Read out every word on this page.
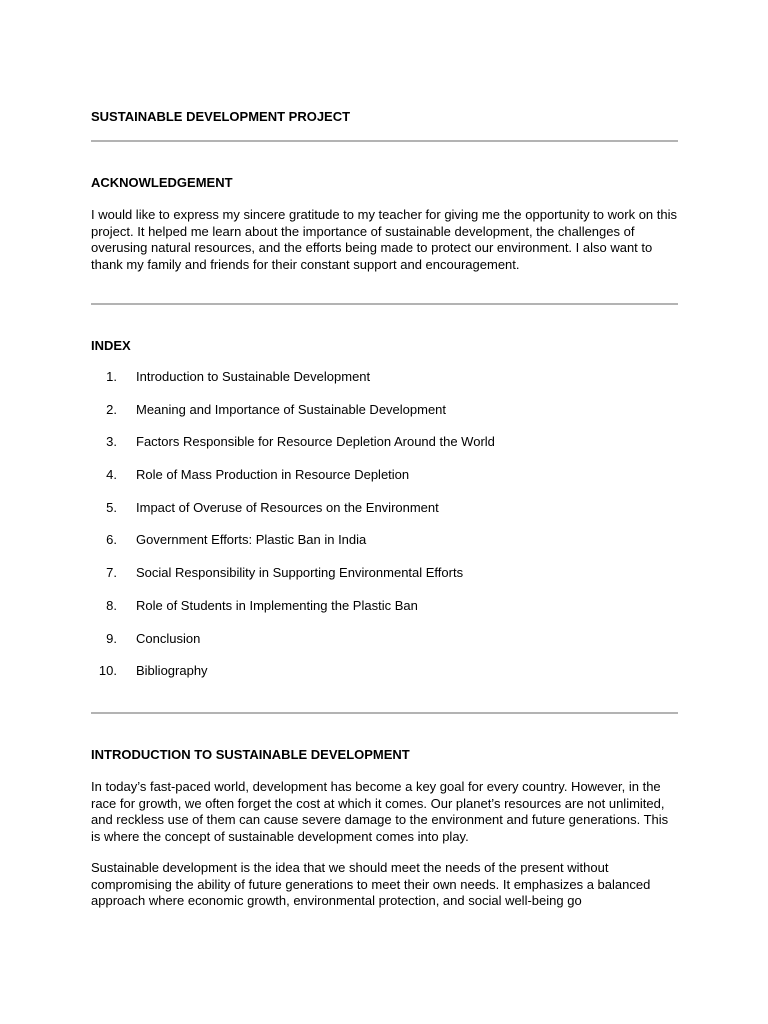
SUSTAINABLE DEVELOPMENT PROJECT
ACKNOWLEDGEMENT

I would like to express my sincere gratitude to my teacher for giving me the opportunity to work on this project. It helped me learn about the importance of sustainable development, the challenges of overusing natural resources, and the efforts being made to protect our environment. I also want to thank my family and friends for their constant support and encouragement.

INDEX
1. Introduction to Sustainable Development
2. Meaning and Importance of Sustainable Development
3. Factors Responsible for Resource Depletion Around the World
4. Role of Mass Production in Resource Depletion
5. Impact of Overuse of Resources on the Environment
6. Government Efforts: Plastic Ban in India
7. Social Responsibility in Supporting Environmental Efforts
8. Role of Students in Implementing the Plastic Ban
9. Conclusion
10. Bibliography
INTRODUCTION TO SUSTAINABLE DEVELOPMENT

In today’s fast-paced world, development has become a key goal for every country. However, in the race for growth, we often forget the cost at which it comes. Our planet’s resources are not unlimited, and reckless use of them can cause severe damage to the environment and future generations. This is where the concept of sustainable development comes into play.

Sustainable development is the idea that we should meet the needs of the present without compromising the ability of future generations to meet their own needs. It emphasizes a balanced approach where economic growth, environmental protection, and social well-being go
